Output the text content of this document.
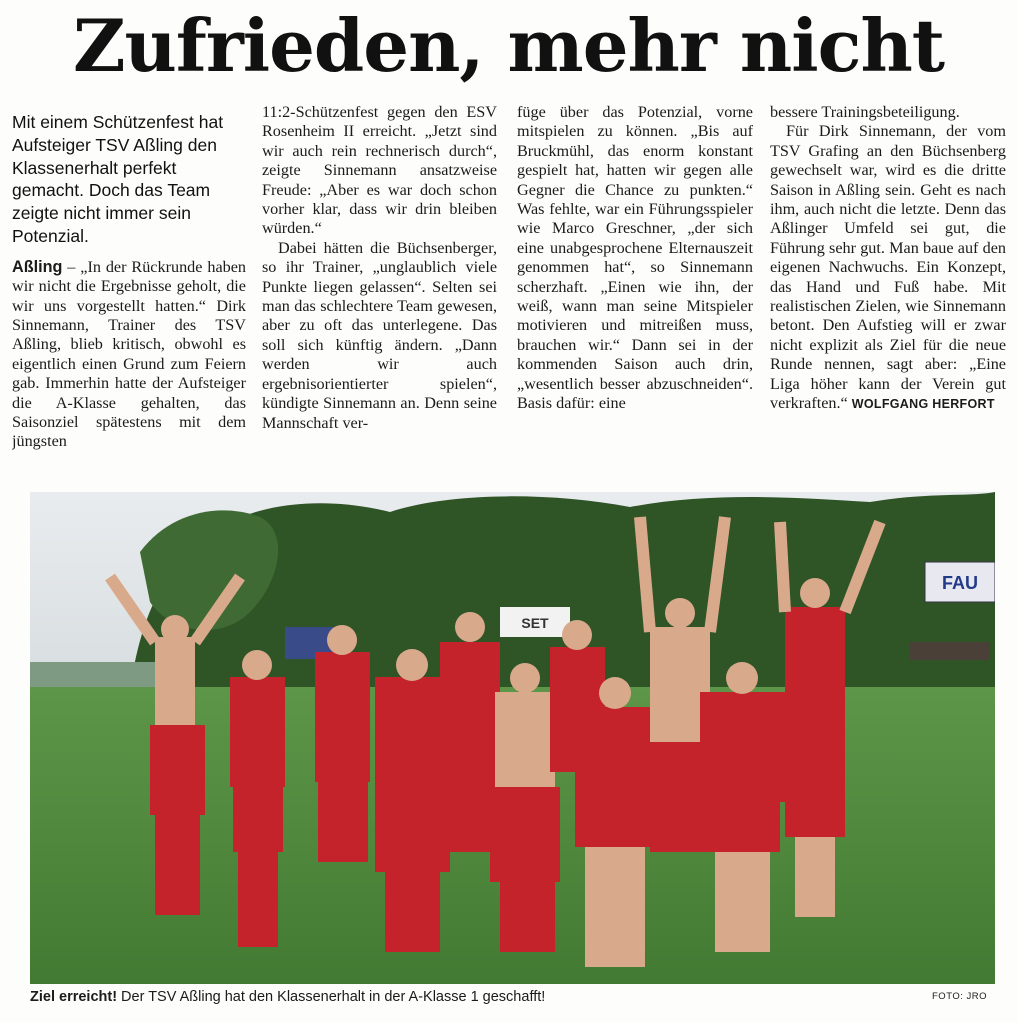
Zufrieden, mehr nicht
Mit einem Schützenfest hat Aufsteiger TSV Aßling den Klassenerhalt perfekt gemacht. Doch das Team zeigte nicht immer sein Potenzial.

Aßling – „In der Rückrunde haben wir nicht die Ergebnisse geholt, die wir uns vorgestellt hatten.“ Dirk Sinnemann, Trainer des TSV Aßling, blieb kritisch, obwohl es eigentlich einen Grund zum Feiern gab. Immerhin hatte der Aufsteiger die A-Klasse gehalten, das Saisonziel spätestens mit dem jüngsten

11:2-Schützenfest gegen den ESV Rosenheim II erreicht. „Jetzt sind wir auch rein rechnerisch durch“, zeigte Sinnemann ansatzweise Freude: „Aber es war doch schon vorher klar, dass wir drin bleiben würden.“

Dabei hätten die Büchsenberger, so ihr Trainer, „unglaublich viele Punkte liegen gelassen“. Selten sei man das schlechtere Team gewesen, aber zu oft das unterlegene. Das soll sich künftig ändern. „Dann werden wir auch ergebnisorientierter spielen“, kündigte Sinnemann an. Denn seine Mannschaft ver-

füge über das Potenzial, vorne mitspielen zu können. „Bis auf Bruckmühl, das enorm konstant gespielt hat, hatten wir gegen alle Gegner die Chance zu punkten.“ Was fehlte, war ein Führungsspieler wie Marco Greschner, „der sich eine unabgesprochene Elternauszeit genommen hat“, so Sinnemann scherzhaft. „Einen wie ihn, der weiß, wann man seine Mitspieler motivieren und mitreißen muss, brauchen wir.“ Dann sei in der kommenden Saison auch drin, „wesentlich besser abzuschneiden“. Basis dafür: eine

bessere Trainingsbeteiligung.

Für Dirk Sinnemann, der vom TSV Grafing an den Büchsenberg gewechselt war, wird es die dritte Saison in Aßling sein. Geht es nach ihm, auch nicht die letzte. Denn das Aßlinger Umfeld sei gut, die Führung sehr gut. Man baue auf den eigenen Nachwuchs. Ein Konzept, das Hand und Fuß habe. Mit realistischen Zielen, wie Sinnemann betont. Den Aufstieg will er zwar nicht explizit als Ziel für die neue Runde nennen, sagt aber: „Eine Liga höher kann der Verein gut verkraften.“ WOLFGANG HERFORT

FAU
SET
Ziel erreicht! Der TSV Aßling hat den Klassenerhalt in der A-Klasse 1 geschafft!	FOTO: JRO
